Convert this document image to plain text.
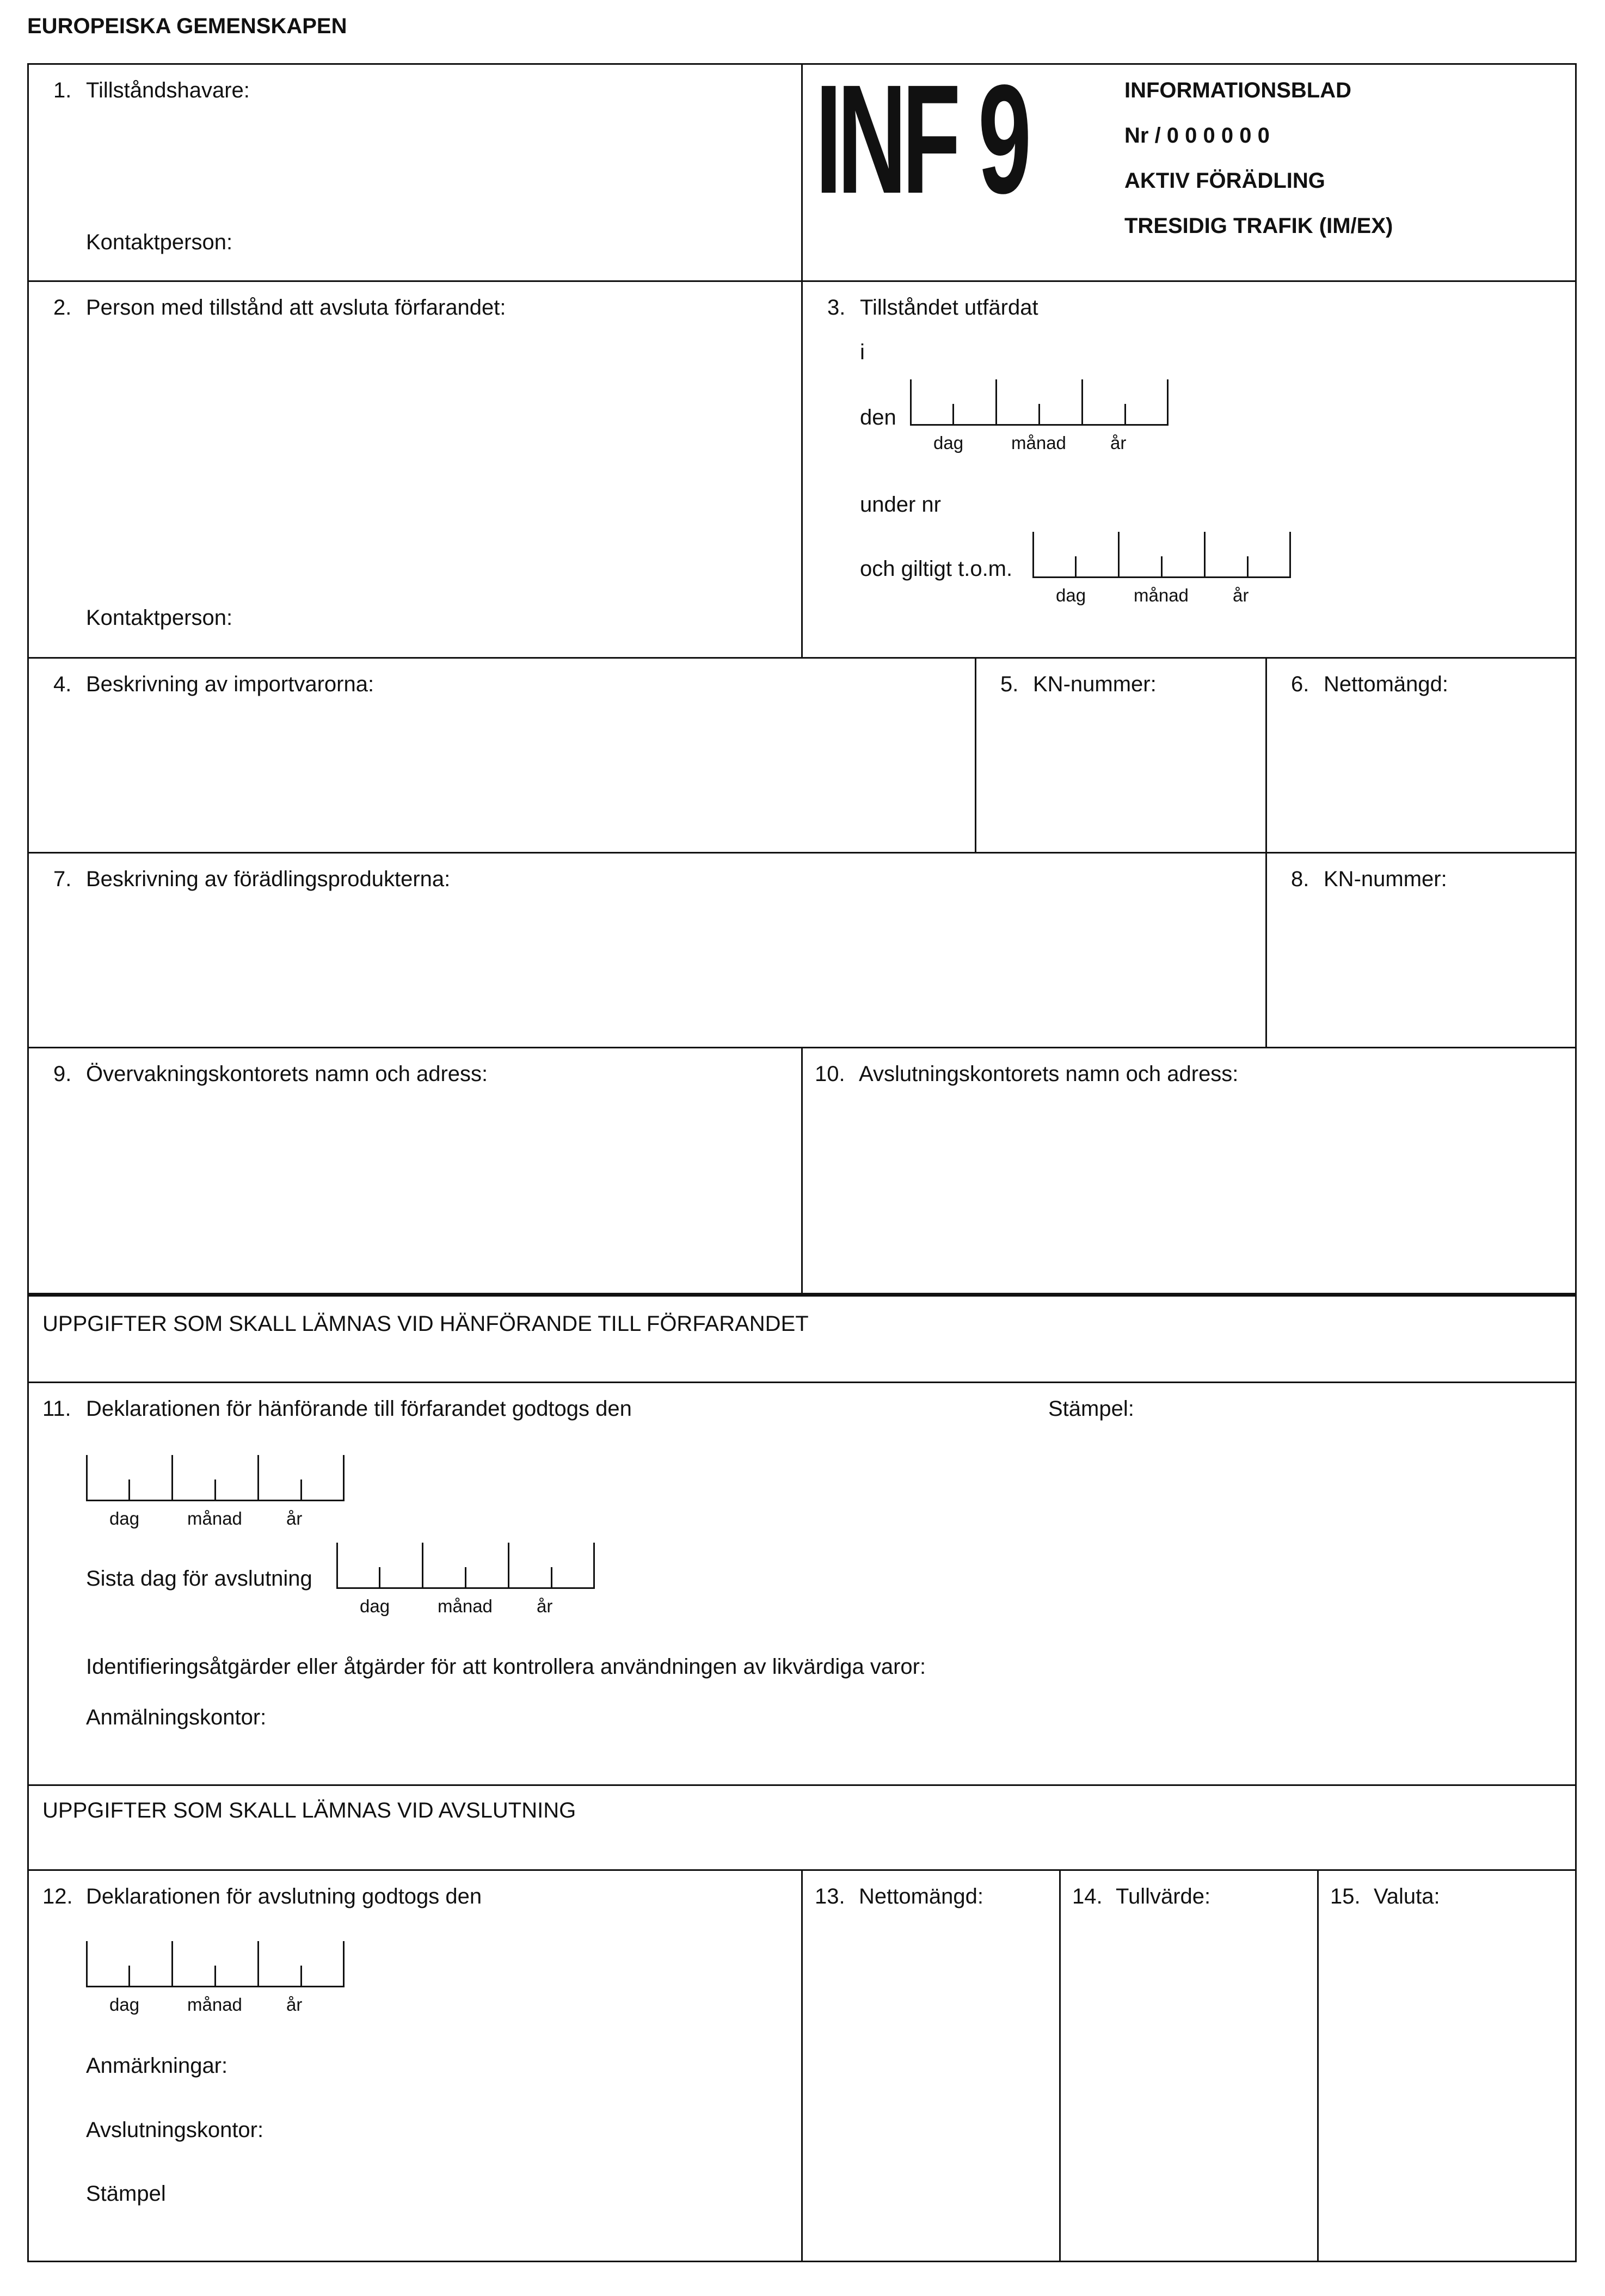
EUROPEISKA GEMENSKAPEN
1. Tillståndshavare:
Kontaktperson:
INF 9	INFORMATIONSBLAD
Nr / 0 0 0 0 0 0
AKTIV FÖRÄDLING
TRESIDIG TRAFIK (IM/EX)
2. Person med tillstånd att avsluta förfarandet:
Kontaktperson:
3. Tillståndet utfärdat
i
den
dag	månad år
under nr
och giltigt t.o.m.
dag	månad år
4. Beskrivning av importvarorna:	5. KN-nummer:	6. Nettomängd:
7. Beskrivning av förädlingsprodukterna:	8. KN-nummer:
9. Övervakningskontorets namn och adress:	10. Avslutningskontorets namn och adress:
UPPGIFTER SOM SKALL LÄMNAS VID HÄNFÖRANDE TILL FÖRFARANDET
11. Deklarationen för hänförande till förfarandet godtogs den	Stämpel:
dag	månad år
Sista dag för avslutning
dag	månad år
Identifieringsåtgärder eller åtgärder för att kontrollera användningen av likvärdiga varor:
Anmälningskontor:
UPPGIFTER SOM SKALL LÄMNAS VID AVSLUTNING
12. Deklarationen för avslutning godtogs den
dag	månad år
Anmärkningar:
Avslutningskontor:
Stämpel
13. Nettomängd:	14. Tullvärde:	15. Valuta:
